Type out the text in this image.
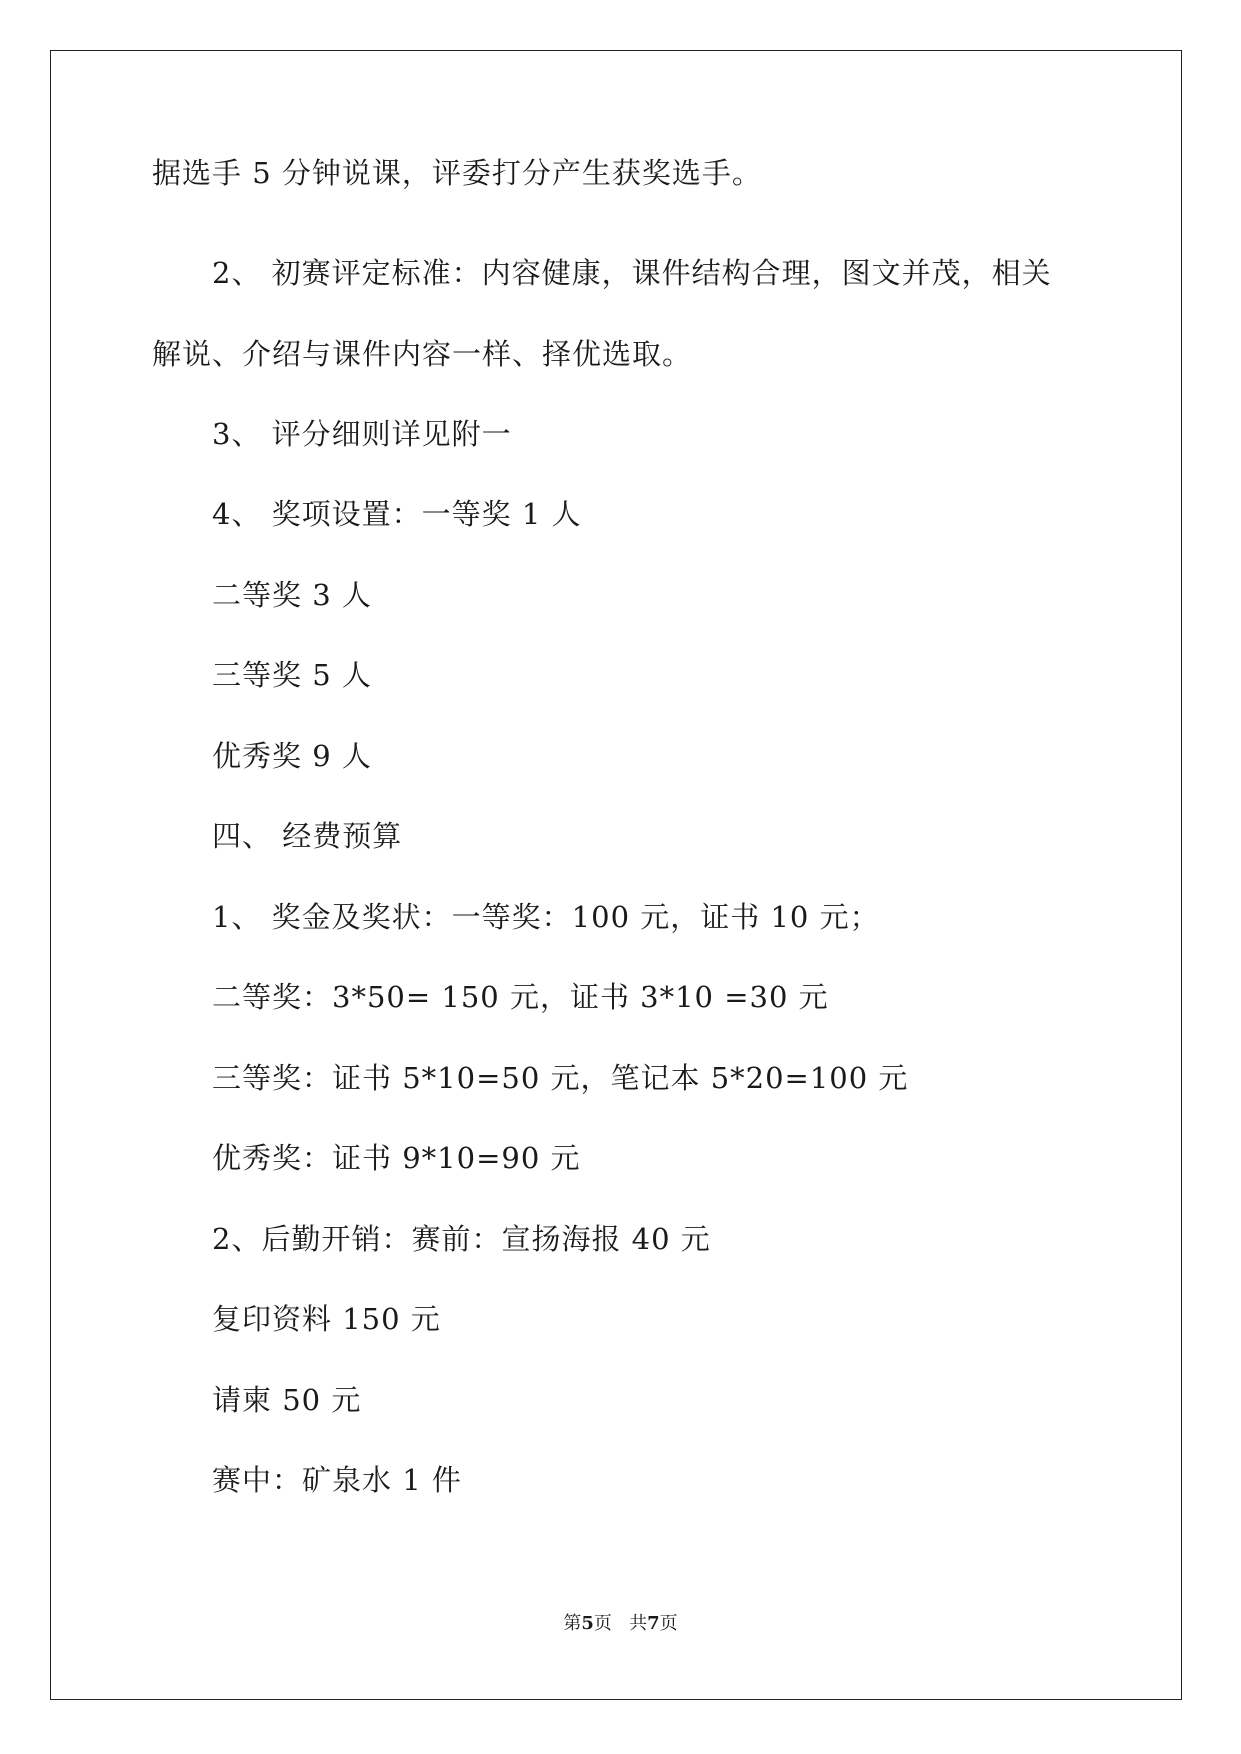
据选手 5 分钟说课，评委打分产生获奖选手。
2、 初赛评定标准：内容健康，课件结构合理，图文并茂，相关
解说、介绍与课件内容一样、择优选取。
3、 评分细则详见附一
4、 奖项设置：一等奖 1 人
二等奖 3 人
三等奖 5 人
优秀奖 9 人
四、 经费预算
1、 奖金及奖状：一等奖：100 元，证书 10 元；
二等奖：3*50= 150 元，证书 3*10 =30 元
三等奖：证书 5*10=50 元，笔记本 5*20=100 元
优秀奖：证书 9*10=90 元
2、后勤开销：赛前：宣扬海报 40 元
复印资料 150 元
请柬 50 元
赛中：矿泉水 1 件
第5页 共7页
